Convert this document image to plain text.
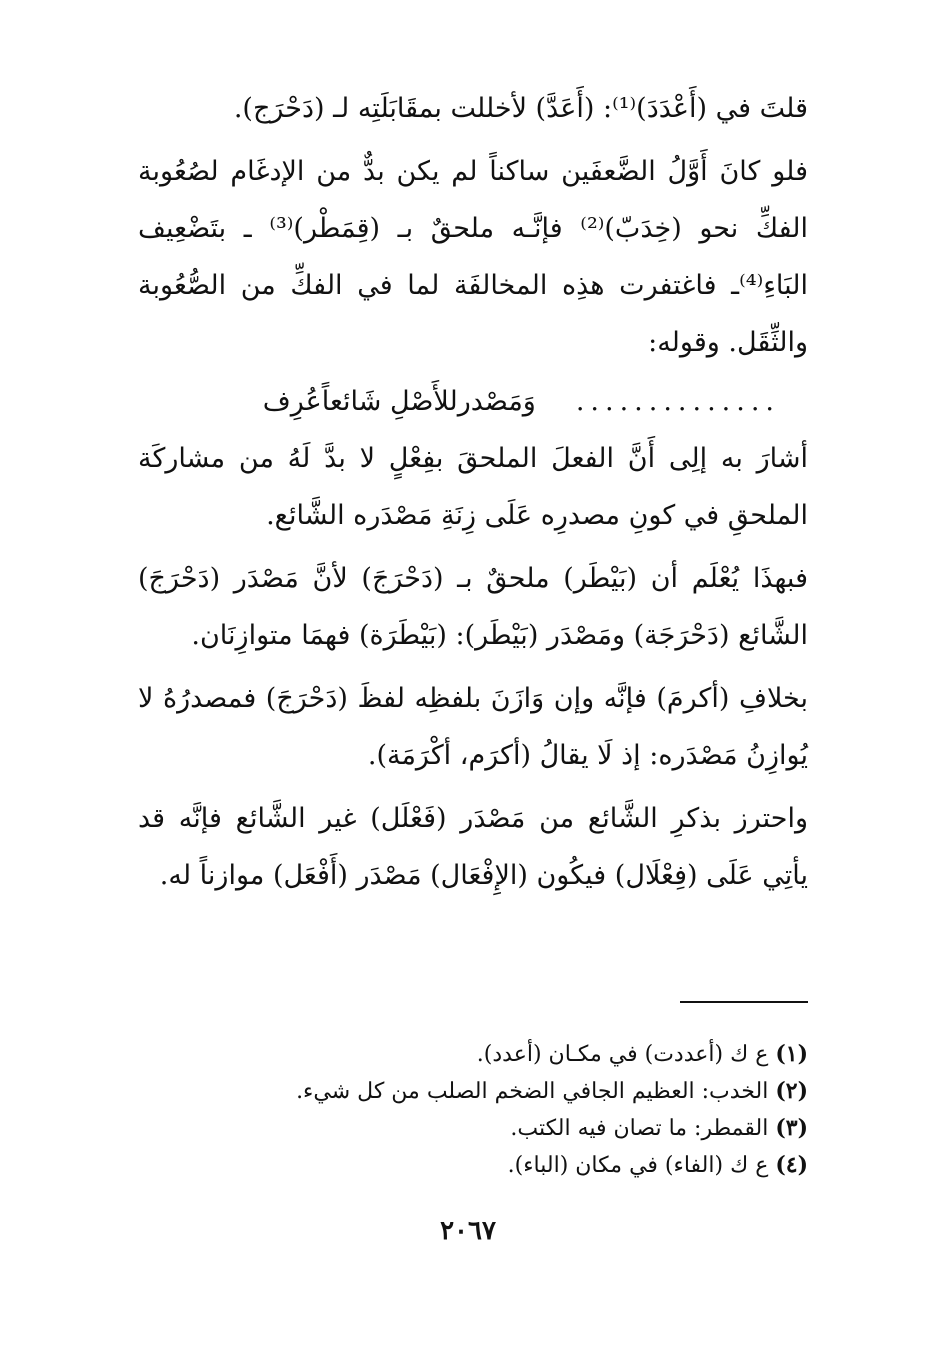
قلتَ في (أَعْدَدَ)⁽¹⁾: (أَعَدَّ) لأخللت بمقَابَلَتِه لـ (دَحْرَج).

فلو كانَ أَوَّلُ الضَّعفَين ساكناً لم يكن بدٌّ من الإدغَام لصُعُوبة الفكِّ نحو (خِدَبّ)⁽²⁾ فإنَّـه ملحقٌ بـ (قِمَطْر)⁽³⁾ ـ بتَضْعِيف البَاءِ⁽⁴⁾ـ فاغتفرت هذِه المخالفَة لما في الفكِّ من الصُّعُوبة والثِّقَل. وقوله:

..............
وَمَصْدرللأَصْلِ شَائعاًعُرِف

أشارَ به إلِى أَنَّ الفعلَ الملحقَ بفِعْلٍ لا بدَّ لَهُ من مشاركَة الملحقِ في كونِ مصدرِه عَلَى زِنَةِ مَصْدَره الشَّائع.

فبهذَا يُعْلَم أن (بَيْطَر) ملحقٌ بـ (دَحْرَجَ) لأنَّ مَصْدَر (دَحْرَجَ) الشَّائع (دَحْرَجَة) ومَصْدَر (بَيْطَر): (بَيْطَرَة) فهمَا متوازِنَان.

بخلافِ (أكرمَ) فإنَّه وإن وَازَنَ بلفظِه لفظَ (دَحْرَجَ) فمصدرُهُ لا يُوازِنُ مَصْدَره: إذ لَا يقالُ (أكرَم، أكْرَمَة).

واحترز بذكرِ الشَّائع من مَصْدَر (فَعْلَل) غير الشَّائع فإنَّه قد يأتِي عَلَى (فِعْلَال) فيكُون (الإِفْعَال) مَصْدَر (أَفْعَل) موازناً له.

(١) ع ك (أعددت) في مكـان (أعدد).
(٢) الخدب: العظيم الجافي الضخم الصلب من كل شيء.
(٣) القمطر: ما تصان فيه الكتب.
(٤) ع ك (الفاء) في مكان (الباء).
٢٠٦٧
